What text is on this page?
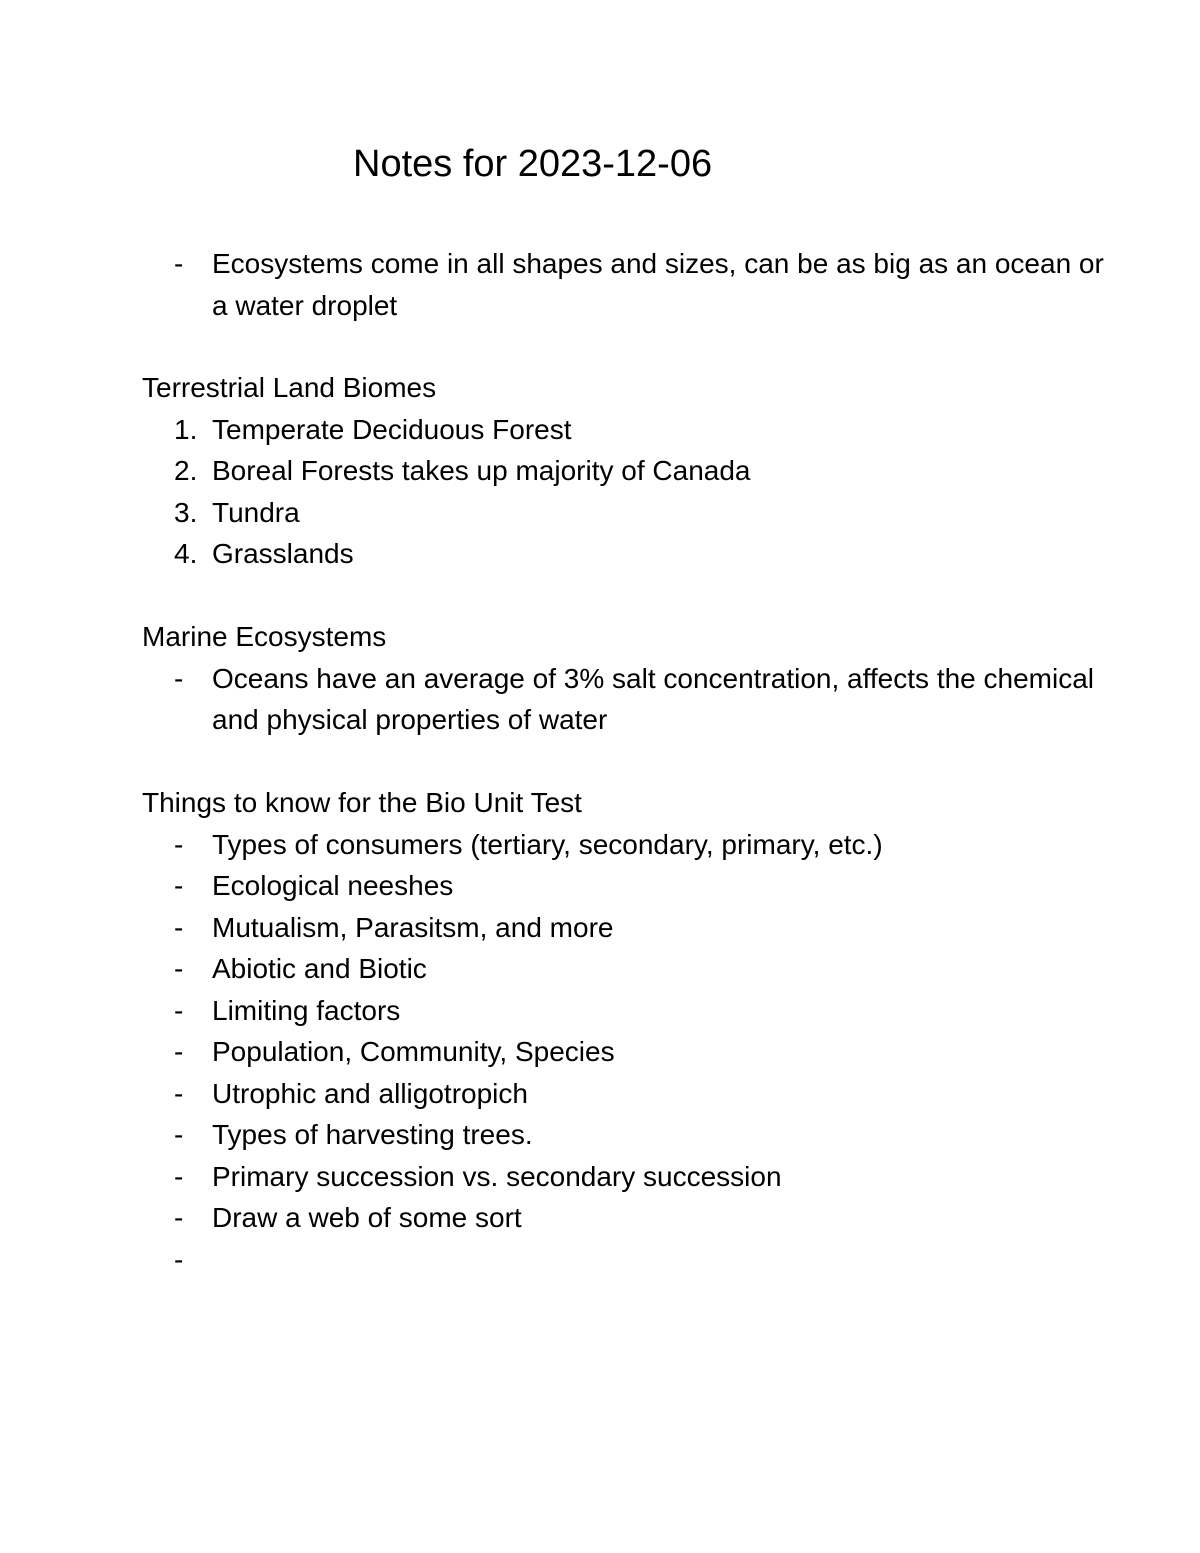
Notes for 2023-12-06
- Ecosystems come in all shapes and sizes, can be as big as an ocean or a water droplet
Terrestrial Land Biomes
1. Temperate Deciduous Forest
2. Boreal Forests takes up majority of Canada
3. Tundra
4. Grasslands
Marine Ecosystems
- Oceans have an average of 3% salt concentration, affects the chemical and physical properties of water
Things to know for the Bio Unit Test
- Types of consumers (tertiary, secondary, primary, etc.)
- Ecological neeshes
- Mutualism, Parasitsm, and more
- Abiotic and Biotic
- Limiting factors
- Population, Community, Species
- Utrophic and alligotropich
- Types of harvesting trees.
- Primary succession vs. secondary succession
- Draw a web of some sort
-
